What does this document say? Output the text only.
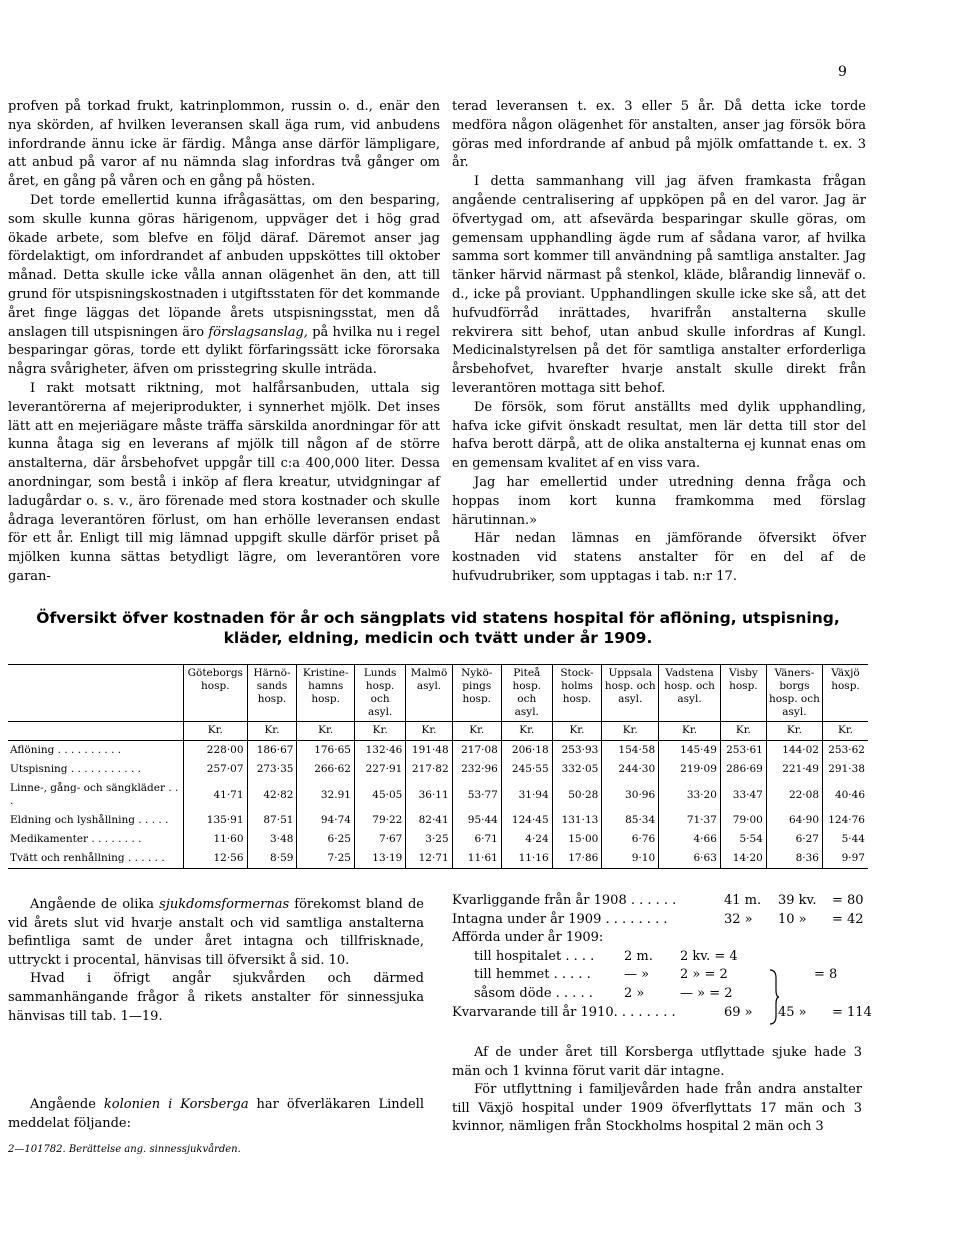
9

profven på torkad frukt, katrinplommon, russin o. d., enär den nya skörden, af hvilken leveransen skall äga rum, vid anbudens infordrande ännu icke är färdig. Många anse därför lämpligare, att anbud på varor af nu nämnda slag infordras två gånger om året, en gång på våren och en gång på hösten.

Det torde emellertid kunna ifrågasättas, om den besparing, som skulle kunna göras härigenom, uppväger det i hög grad ökade arbete, som blefve en följd däraf. Däremot anser jag fördelaktigt, om infordrandet af anbuden uppsköttes till oktober månad. Detta skulle icke vålla annan olägenhet än den, att till grund för utspisningskostnaden i utgiftsstaten för det kommande året finge läggas det löpande årets utspisningsstat, men då anslagen till utspisningen äro förslagsanslag, på hvilka nu i regel besparingar göras, torde ett dylikt förfaringssätt icke förorsaka några svårigheter, äfven om prisstegring skulle inträda.

I rakt motsatt riktning, mot halfårsanbuden, uttala sig leverantörerna af mejeriprodukter, i synnerhet mjölk. Det inses lätt att en mejeriägare måste träffa särskilda anordningar för att kunna åtaga sig en leverans af mjölk till någon af de större anstalterna, där årsbehofvet uppgår till c:a 400,000 liter. Dessa anordningar, som bestå i inköp af flera kreatur, utvidgningar af ladugårdar o. s. v., äro förenade med stora kostnader och skulle ådraga leverantören förlust, om han erhölle leveransen endast för ett år. Enligt till mig lämnad uppgift skulle därför priset på mjölken kunna sättas betydligt lägre, om leverantören vore garan-

terad leveransen t. ex. 3 eller 5 år. Då detta icke torde medföra någon olägenhet för anstalten, anser jag försök böra göras med infordrande af anbud på mjölk omfattande t. ex. 3 år.

I detta sammanhang vill jag äfven framkasta frågan angående centralisering af uppköpen på en del varor. Jag är öfvertygad om, att afsevärda besparingar skulle göras, om gemensam upphandling ägde rum af sådana varor, af hvilka samma sort kommer till användning på samtliga anstalter. Jag tänker härvid närmast på stenkol, kläde, blårandig linneväf o. d., icke på proviant. Upphandlingen skulle icke ske så, att det hufvudförråd inrättades, hvarifrån anstalterna skulle rekvirera sitt behof, utan anbud skulle infordras af Kungl. Medicinalstyrelsen på det för samtliga anstalter erforderliga årsbehofvet, hvarefter hvarje anstalt skulle direkt från leverantören mottaga sitt behof.

De försök, som förut anställts med dylik upphandling, hafva icke gifvit önskadt resultat, men lär detta till stor del hafva berott därpå, att de olika anstalterna ej kunnat enas om en gemensam kvalitet af en viss vara.

Jag har emellertid under utredning denna fråga och hoppas inom kort kunna framkomma med förslag härutinnan.»

Här nedan lämnas en jämförande öfversikt öfver kostnaden vid statens anstalter för en del af de hufvudrubriker, som upptagas i tab. n:r 17.

Öfversikt öfver kostnaden för år och sängplats vid statens hospital för aflöning, utspisning, kläder, eldning, medicin och tvätt under år 1909.
	Göteborgs hosp.	Härnö-sands hosp.	Kristine-hamns hosp.	Lunds hosp. och asyl.	Malmö asyl.	Nykö-pings hosp.	Piteå hosp. och asyl.	Stock-holms hosp.	Uppsala hosp. och asyl.	Vadstena hosp. och asyl.	Visby hosp.	Väners-borgs hosp. och asyl.	Växjö hosp.
	Kr.	Kr.	Kr.	Kr.	Kr.	Kr.	Kr.	Kr.	Kr.	Kr.	Kr.	Kr.	Kr.
Aflöning . . . . . . . . . .	228·00	186·67	176·65	132·46	191·48	217·08	206·18	253·93	154·58	145·49	253·61	144·02	253·62
Utspisning . . . . . . . . . . .	257·07	273·35	266·62	227·91	217·82	232·96	245·55	332·05	244·30	219·09	286·69	221·49	291·38
Linne-, gång- och sängkläder . . .	41·71	42·82	32.91	45·05	36·11	53·77	31·94	50·28	30·96	33·20	33·47	22·08	40·46
Eldning och lyshållning . . . . .	135·91	87·51	94·74	79·22	82·41	95·44	124·45	131·13	85·34	71·37	79·00	64·90	124·76
Medikamenter . . . . . . . .	11·60	3·48	6·25	7·67	3·25	6·71	4·24	15·00	6·76	4·66	5·54	6·27	5·44
Tvätt och renhållning . . . . . .	12·56	8·59	7·25	13·19	12·71	11·61	11·16	17·86	9·10	6·63	14·20	8·36	9·97

Angående de olika sjukdomsformernas förekomst bland de vid årets slut vid hvarje anstalt och vid samtliga anstalterna befintliga samt de under året intagna och tillfrisknade, uttryckt i procental, hänvisas till öfversikt å sid. 10.

Hvad i öfrigt angår sjukvården och därmed sammanhängande frågor å rikets anstalter för sinnessjuka hänvisas till tab. 1—19.

Angående kolonien i Korsberga har öfverläkaren Lindell meddelat följande:

2—101782. Berättelse ang. sinnessjukvården.
Kvarliggande från år 1908 . . . . . .	41 m. 39 kv. = 80
Intagna under år 1909 . . . . . . . .	32 » 10 » = 42
Afförda under år 1909:
till hospitalet . . . . 2 m. 2 kv. = 4
till hemmet . . . . .	— » 2 » = 2	= 8
såsom döde . . . . . 2 »	— » = 2
Kvarvarande till år 1910. . . . . . . .	69 » 45 » = 114

Af de under året till Korsberga utflyttade sjuke hade 3 män och 1 kvinna förut varit där intagne.

För utflyttning i familjevården hade från andra anstalter till Växjö hospital under 1909 öfverflyttats 17 män och 3 kvinnor, nämligen från Stockholms hospital 2 män och 3
